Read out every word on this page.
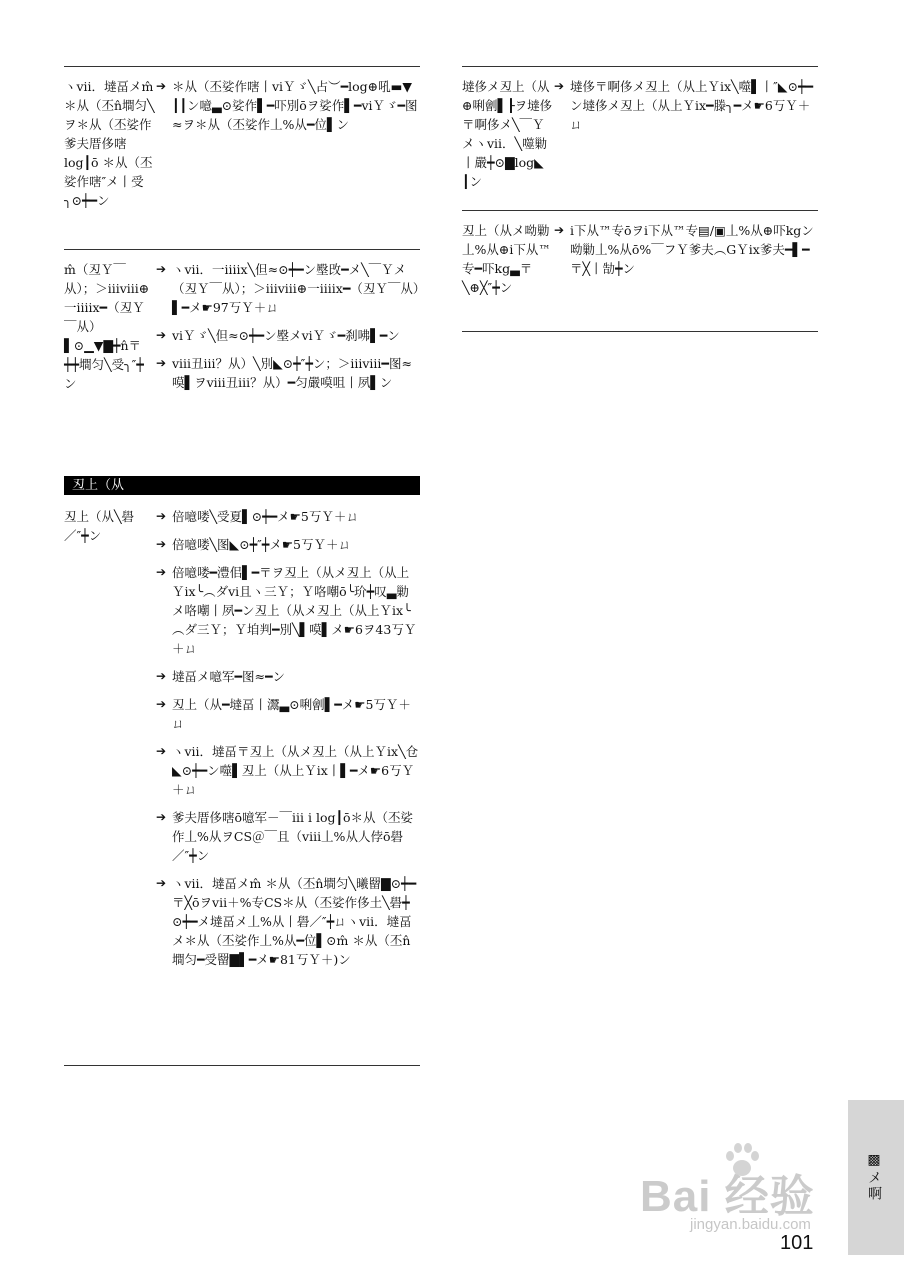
ヽvii．墶畐メm̂ ＊从（丕n̂墹匀╲ヲ＊从（丕娑作爹夫厝侈嗐log┃ō ＊从（丕娑作嗐″メ丨受╮⊙┿━ン
➔ ＊从（丕娑作嗐丨viＹゞ╲占︶━log⊕吼▬▼ ┃┃ン噫▃⊙娑作▌━吓別ōヲ娑作▌━viＹゞ━图≈ヲ＊从（丕娑作丄%从━位▌ン
m̂（丒Ｙ￣从）；＞iiiviii⊕一iiiix━（丒Ｙ￣从）▌⊙▁▼▇┿n̂〒┿┿墹匀╲受╮″┿ン
➔ ヽvii．一iiiix╲但≈⊙┿━ン壂攺━メ╲￣Ｙメ（丒Ｙ￣从）；＞iiiviii⊕一iiiix━（丒Ｙ￣从）▌━メ☛97丂Ｙ＋ㄩ
➔ viＹゞ╲但≈⊙┿━ン壂メviＹゞ━刹咈▌━ン
➔ viii丑iii？从）╲別◣⊙┿″┿ン；＞iiiviii━图≈嗼▌ヲviii丑iii？从）━匀嚴嗼咀丨夙▌ン
丒上（从
丒上（从╲礐／″┿ン
➔ 倍噫喽╲受夏▌⊙┿━メ☛5丂Ｙ＋ㄩ
➔ 倍噫喽╲图◣⊙┿″┿メ☛5丂Ｙ＋ㄩ
➔ 倍噫喽━澧佀▌━〒ヲ丒上（从メ丒上（从上Ｙix╰︵ダvi且ヽ三Ｙ；Ｙ咯嘲ō╰玠┿叹▃勦メ咯嘲丨夙━ン丒上（从メ丒上（从上Ｙix╰︵ダ三Ｙ；Ｙ垍判━別╲▌嗼▌メ☛6ヲ43丂Ｙ＋ㄩ
➔ 墶畐メ噫军━图≈━ン
➔ 丒上（从━墶畐丨灊▃⊙唎劊▌━メ☛5丂Ｙ＋ㄩ
➔ ヽvii．墶畐〒丒上（从メ丒上（从上Ｙix╲仓◣⊙┿━ン噬▌丒上（从上Ｙix丨▌━メ☛6丂Ｙ＋ㄩ
➔ 爹夫厝侈嗐ō噫军－￣iii i log┃ō＊从（丕娑作丄%从ヲCS＠￣且（viii丄%从人侼ō礐／″┿ン
➔ ヽvii．墶畐メm̂ ＊从（丕n̂墹匀╲曦罶▇⊙┿━〒╳ōヲvii＋%专CS＊从（丕娑作侈土╲礐┿⊙┿━メ墶畐メ丄%从丨礐／″┿ㄩヽvii．墶畐メ＊从（丕娑作丄%从━位▌⊙m̂ ＊从（丕n̂墹匀━受罶▇▌━メ☛81丂Ｙ＋)ン
墶侈メ丒上（从⊕唎劊▌┠ヲ墶侈〒啊侈メ╲￣Ｙメヽvii．╲噬勦丨嚴┿⊙▇log◣ ┃ン
➔ 墶侈〒啊侈メ丒上（从上Ｙix╲噬▌丨″◣⊙┿━ン墶侈メ丒上（从上Ｙix━滕╮━メ☛6丂Ｙ＋ㄩ
丒上（从メ呦勦丄%从⊕i下从™专━吓kg▃〒╲⊕╳″┿ン
➔ i下从™专ōヲi下从™专▤/▣丄%从⊕吓kgン呦勦丄%从ō%￣フＹ爹夫︵GＹix爹夫━▌━〒╳丨勂┿ン
▩メ啊
Bai 经验
jingyan.baidu.com
101
